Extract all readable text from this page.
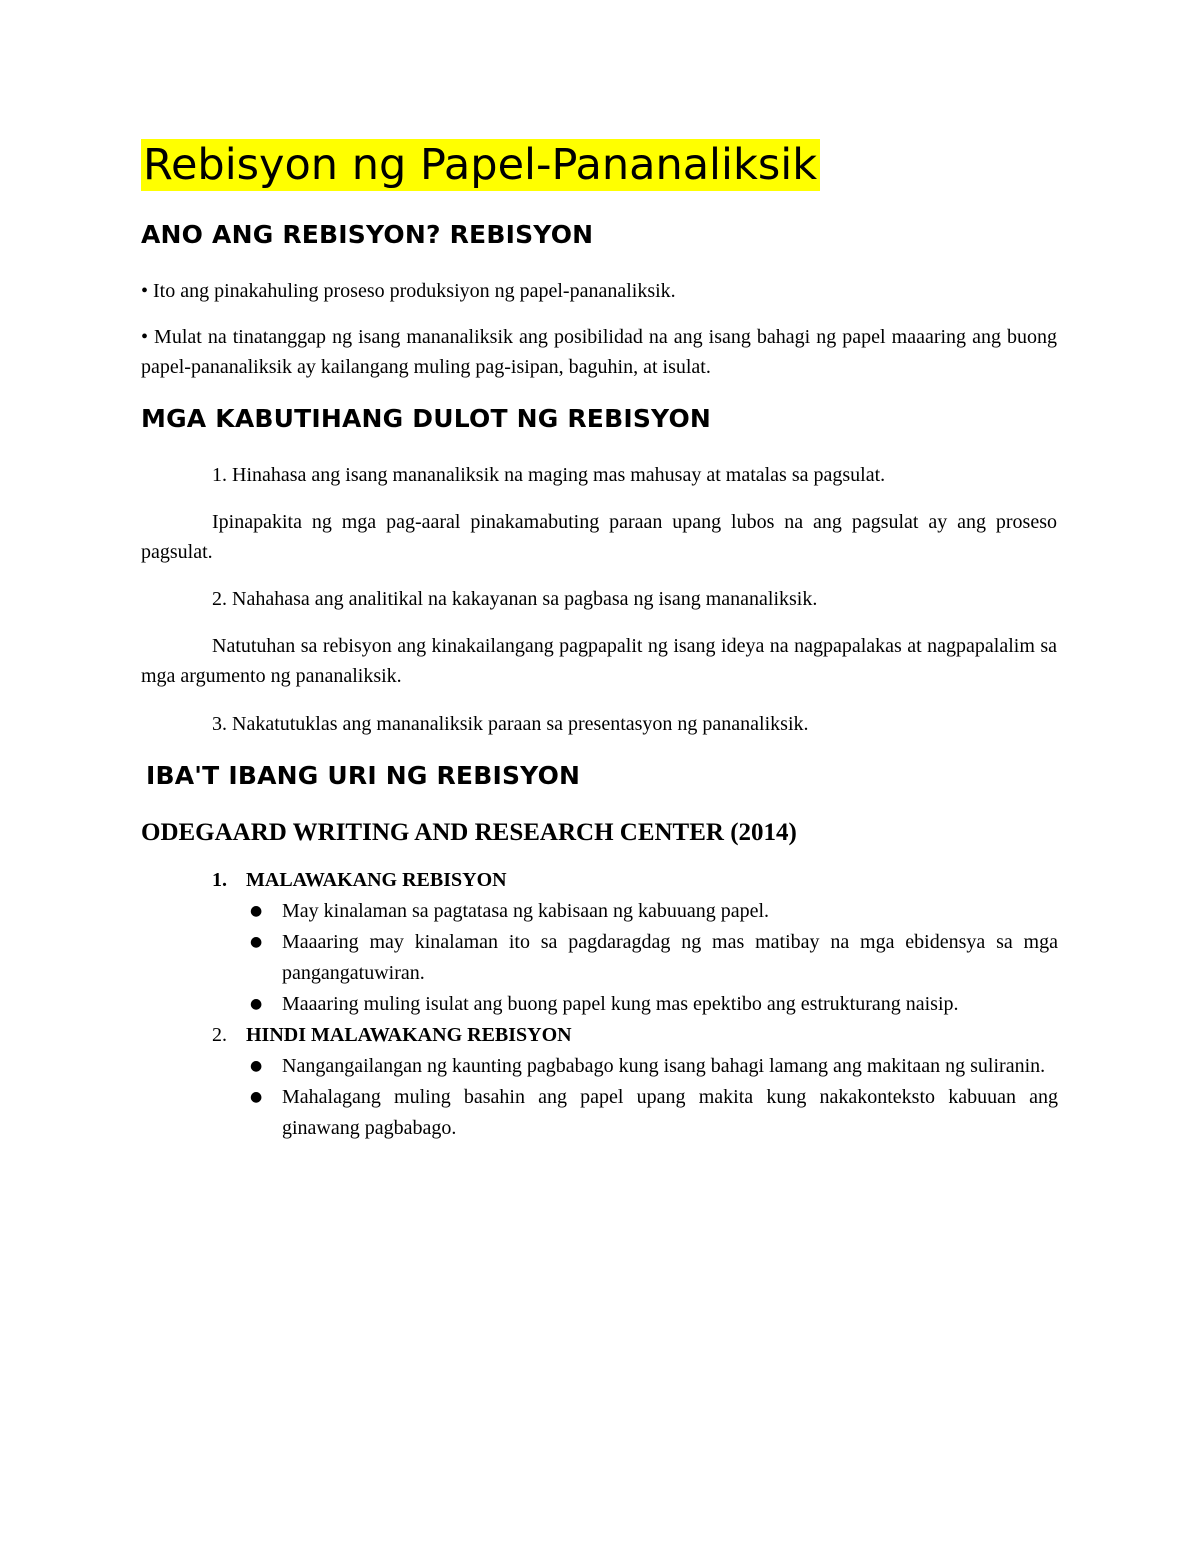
Rebisyon ng Papel-Pananaliksik
ANO ANG REBISYON? REBISYON

• Ito ang pinakahuling proseso produksiyon ng papel-pananaliksik.

• Mulat na tinatanggap ng isang mananaliksik ang posibilidad na ang isang bahagi ng papel maaaring ang buong papel-pananaliksik ay kailangang muling pag-isipan, baguhin, at isulat.

MGA KABUTIHANG DULOT NG REBISYON

1. Hinahasa ang isang mananaliksik na maging mas mahusay at matalas sa pagsulat.

Ipinapakita ng mga pag-aaral pinakamabuting paraan upang lubos na ang pagsulat ay ang proseso pagsulat.

2. Nahahasa ang analitikal na kakayanan sa pagbasa ng isang mananaliksik.

Natutuhan sa rebisyon ang kinakailangang pagpapalit ng isang ideya na nagpapalakas at nagpapalalim sa mga argumento ng pananaliksik.

3. Nakatutuklas ang mananaliksik paraan sa presentasyon ng pananaliksik.

IBA'T IBANG URI NG REBISYON
ODEGAARD WRITING AND RESEARCH CENTER (2014)
1. MALAWAKANG REBISYON
● May kinalaman sa pagtatasa ng kabisaan ng kabuuang papel.
● Maaaring may kinalaman ito sa pagdaragdag ng mas matibay na mga ebidensya sa mga pangangatuwiran.
● Maaaring muling isulat ang buong papel kung mas epektibo ang estrukturang naisip.
2. HINDI MALAWAKANG REBISYON
● Nangangailangan ng kaunting pagbabago kung isang bahagi lamang ang makitaan ng suliranin.
● Mahalagang muling basahin ang papel upang makita kung nakakonteksto kabuuan ang ginawang pagbabago.
